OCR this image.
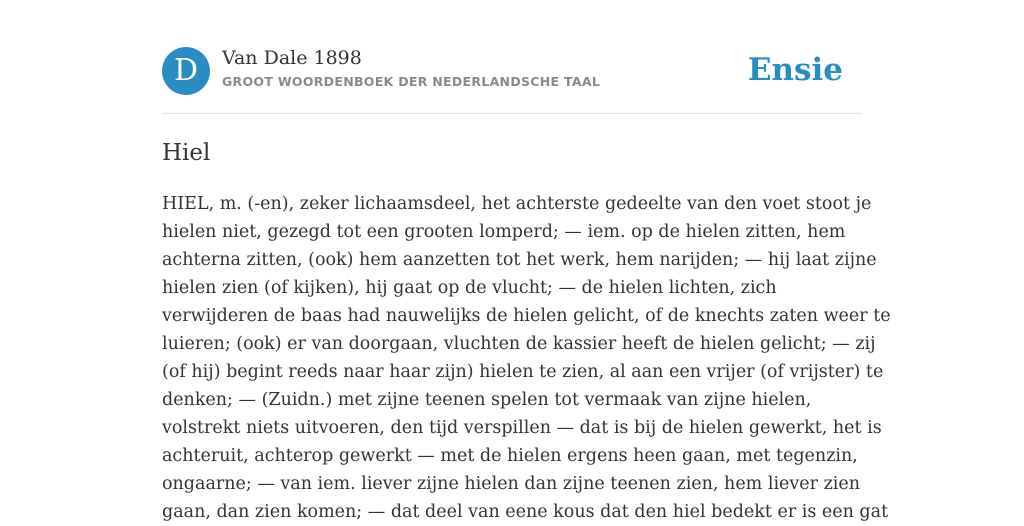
D	Van Dale 1898
GROOT WOORDENBOEK DER NEDERLANDSCHE TAAL	Ensie
Hiel
HIEL, m. (-en), zeker lichaamsdeel, het achterste gedeelte van den voet stoot je
hielen niet, gezegd tot een grooten lomperd; — iem. op de hielen zitten, hem
achterna zitten, (ook) hem aanzetten tot het werk, hem narijden; — hij laat zijne
hielen zien (of kijken), hij gaat op de vlucht; — de hielen lichten, zich
verwijderen de baas had nauwelijks de hielen gelicht, of de knechts zaten weer te
luieren; (ook) er van doorgaan, vluchten de kassier heeft de hielen gelicht; — zij
(of hij) begint reeds naar haar zijn) hielen te zien, al aan een vrijer (of vrijster) te
denken; — (Zuidn.) met zijne teenen spelen tot vermaak van zijne hielen,
volstrekt niets uitvoeren, den tijd verspillen — dat is bij de hielen gewerkt, het is
achteruit, achterop gewerkt — met de hielen ergens heen gaan, met tegenzin,
ongaarne; — van iem. liever zijne hielen dan zijne teenen zien, hem liever zien
gaan, dan zien komen; — dat deel van eene kous dat den hiel bedekt er is een gat
